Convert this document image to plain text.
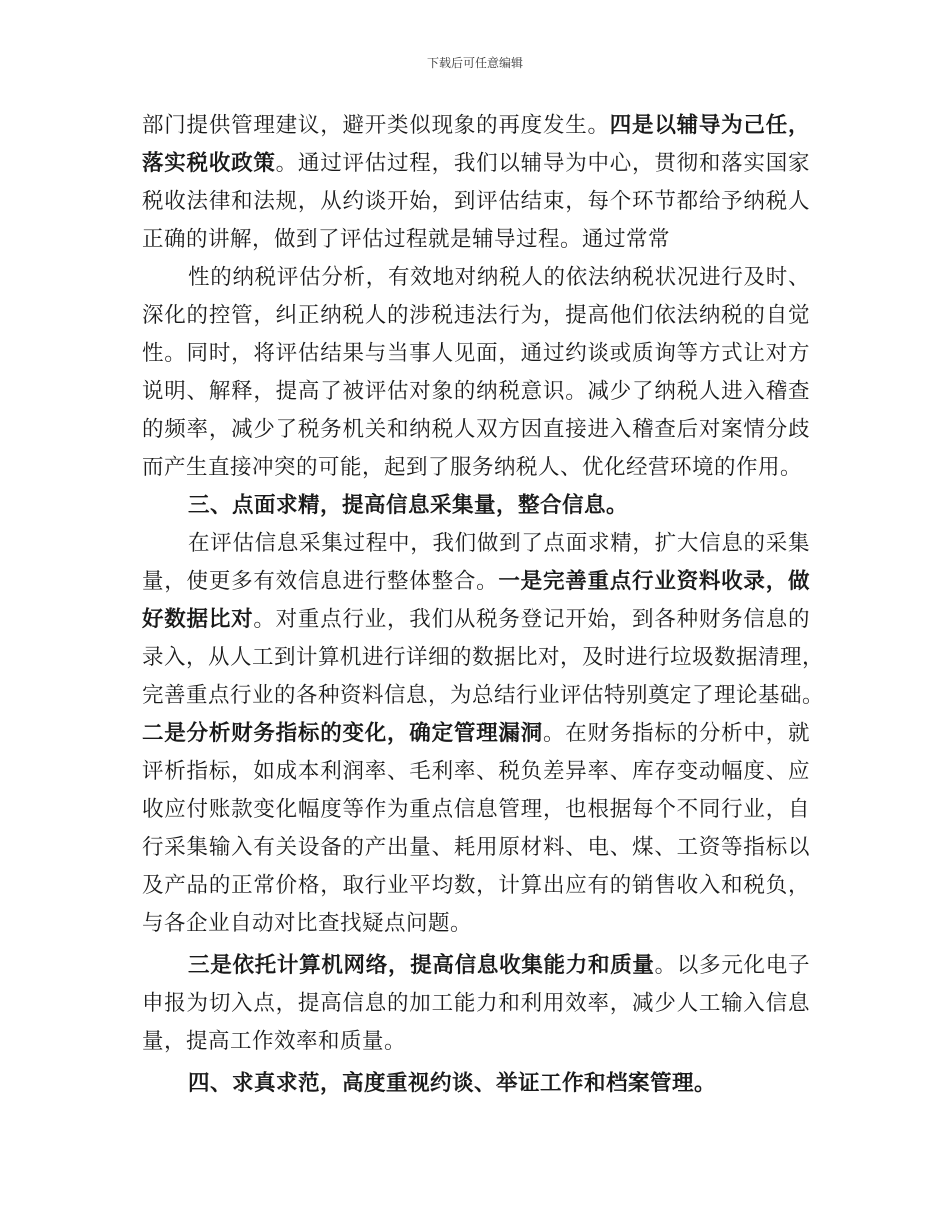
下载后可任意编辑
部门提供管理建议，避开类似现象的再度发生。四是以辅导为己任，
落实税收政策。通过评估过程，我们以辅导为中心，贯彻和落实国家
税收法律和法规，从约谈开始，到评估结束，每个环节都给予纳税人
正确的讲解，做到了评估过程就是辅导过程。通过常常
性的纳税评估分析，有效地对纳税人的依法纳税状况进行及时、
深化的控管，纠正纳税人的涉税违法行为，提高他们依法纳税的自觉
性。同时，将评估结果与当事人见面，通过约谈或质询等方式让对方
说明、解释，提高了被评估对象的纳税意识。减少了纳税人进入稽查
的频率，减少了税务机关和纳税人双方因直接进入稽查后对案情分歧
而产生直接冲突的可能，起到了服务纳税人、优化经营环境的作用。
三、点面求精，提高信息采集量，整合信息。
在评估信息采集过程中，我们做到了点面求精，扩大信息的采集
量，使更多有效信息进行整体整合。一是完善重点行业资料收录，做
好数据比对。对重点行业，我们从税务登记开始，到各种财务信息的
录入，从人工到计算机进行详细的数据比对，及时进行垃圾数据清理，
完善重点行业的各种资料信息，为总结行业评估特别奠定了理论基础。
二是分析财务指标的变化，确定管理漏洞。在财务指标的分析中，就
评析指标，如成本利润率、毛利率、税负差异率、库存变动幅度、应
收应付账款变化幅度等作为重点信息管理，也根据每个不同行业，自
行采集输入有关设备的产出量、耗用原材料、电、煤、工资等指标以
及产品的正常价格，取行业平均数，计算出应有的销售收入和税负，
与各企业自动对比查找疑点问题。
三是依托计算机网络，提高信息收集能力和质量。以多元化电子
申报为切入点，提高信息的加工能力和利用效率，减少人工输入信息
量，提高工作效率和质量。
四、求真求范，高度重视约谈、举证工作和档案管理。
